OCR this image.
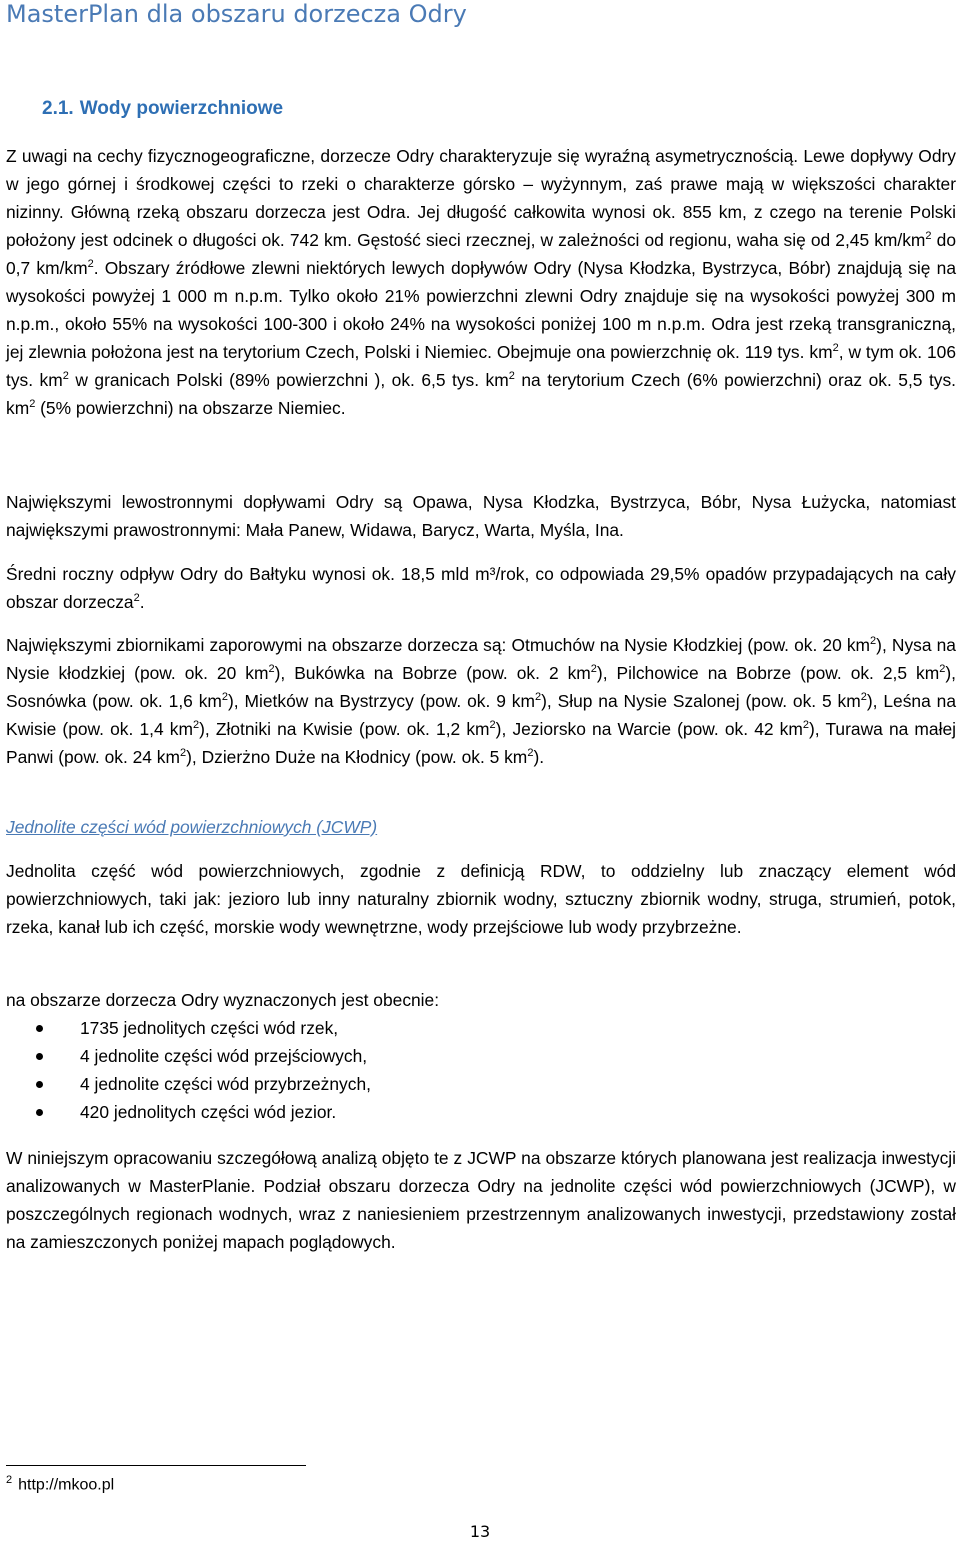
MasterPlan dla obszaru dorzecza Odry
2.1. Wody powierzchniowe

Z uwagi na cechy fizycznogeograficzne, dorzecze Odry charakteryzuje się wyraźną asymetrycznością. Lewe dopływy Odry w jego górnej i środkowej części to rzeki o charakterze górsko – wyżynnym, zaś prawe mają w większości charakter nizinny. Główną rzeką obszaru dorzecza jest Odra. Jej długość całkowita wynosi ok. 855 km, z czego na terenie Polski położony jest odcinek o długości ok. 742 km. Gęstość sieci rzecznej, w zależności od regionu, waha się od 2,45 $km/km^2$ do 0,7 $km/km^2$. Obszary źródłowe zlewni niektórych lewych dopływów Odry (Nysa Kłodzka, Bystrzyca, Bóbr) znajdują się na wysokości powyżej 1 000 m n.p.m. Tylko około 21% powierzchni zlewni Odry znajduje się na wysokości powyżej 300 m n.p.m., około 55% na wysokości 100-300 i około 24% na wysokości poniżej 100 m n.p.m. Odra jest rzeką transgraniczną, jej zlewnia położona jest na terytorium Czech, Polski i Niemiec. Obejmuje ona powierzchnię ok. 119 tys. $km^2$, w tym ok. 106 tys. $km^2$ w granicach Polski (89% powierzchni ), ok. 6,5 tys. $km^2$ na terytorium Czech (6% powierzchni) oraz ok. 5,5 tys. $km^2$ (5% powierzchni) na obszarze Niemiec.

Największymi lewostronnymi dopływami Odry są Opawa, Nysa Kłodzka, Bystrzyca, Bóbr, Nysa Łużycka, natomiast największymi prawostronnymi: Mała Panew, Widawa, Barycz, Warta, Myśla, Ina.

Średni roczny odpływ Odry do Bałtyku wynosi ok. 18,5 mld m³/rok, co odpowiada 29,5% opadów przypadających na cały obszar dorzecza$^2$.

Największymi zbiornikami zaporowymi na obszarze dorzecza są: Otmuchów na Nysie Kłodzkiej (pow. ok. 20 $km^2$), Nysa na Nysie kłodzkiej (pow. ok. 20 $km^2$), Bukówka na Bobrze (pow. ok. 2 $km^2$), Pilchowice na Bobrze (pow. ok. 2,5 $km^2$), Sosnówka (pow. ok. 1,6 $km^2$), Mietków na Bystrzycy (pow. ok. 9 $km^2$), Słup na Nysie Szalonej (pow. ok. 5 $km^2$), Leśna na Kwisie (pow. ok. 1,4 $km^2$), Złotniki na Kwisie (pow. ok. 1,2 $km^2$), Jeziorsko na Warcie (pow. ok. 42 $km^2$), Turawa na małej Panwi (pow. ok. 24 $km^2$), Dzierżno Duże na Kłodnicy (pow. ok. 5 $km^2$).

Jednolite części wód powierzchniowych (JCWP)

Jednolita część wód powierzchniowych, zgodnie z definicją RDW, to oddzielny lub znaczący element wód powierzchniowych, taki jak: jezioro lub inny naturalny zbiornik wodny, sztuczny zbiornik wodny, struga, strumień, potok, rzeka, kanał lub ich część, morskie wody wewnętrzne, wody przejściowe lub wody przybrzeżne.

na obszarze dorzecza Odry wyznaczonych jest obecnie:

1735 jednolitych części wód rzek,
4 jednolite części wód przejściowych,
4 jednolite części wód przybrzeżnych,
420 jednolitych części wód jezior.

W niniejszym opracowaniu szczegółową analizą objęto te z JCWP na obszarze których planowana jest realizacja inwestycji analizowanych w MasterPlanie. Podział obszaru dorzecza Odry na jednolite części wód powierzchniowych (JCWP), w poszczególnych regionach wodnych, wraz z naniesieniem przestrzennym analizowanych inwestycji, przedstawiony został na zamieszczonych poniżej mapach poglądowych.

$^2$ http://mkoo.pl
13
